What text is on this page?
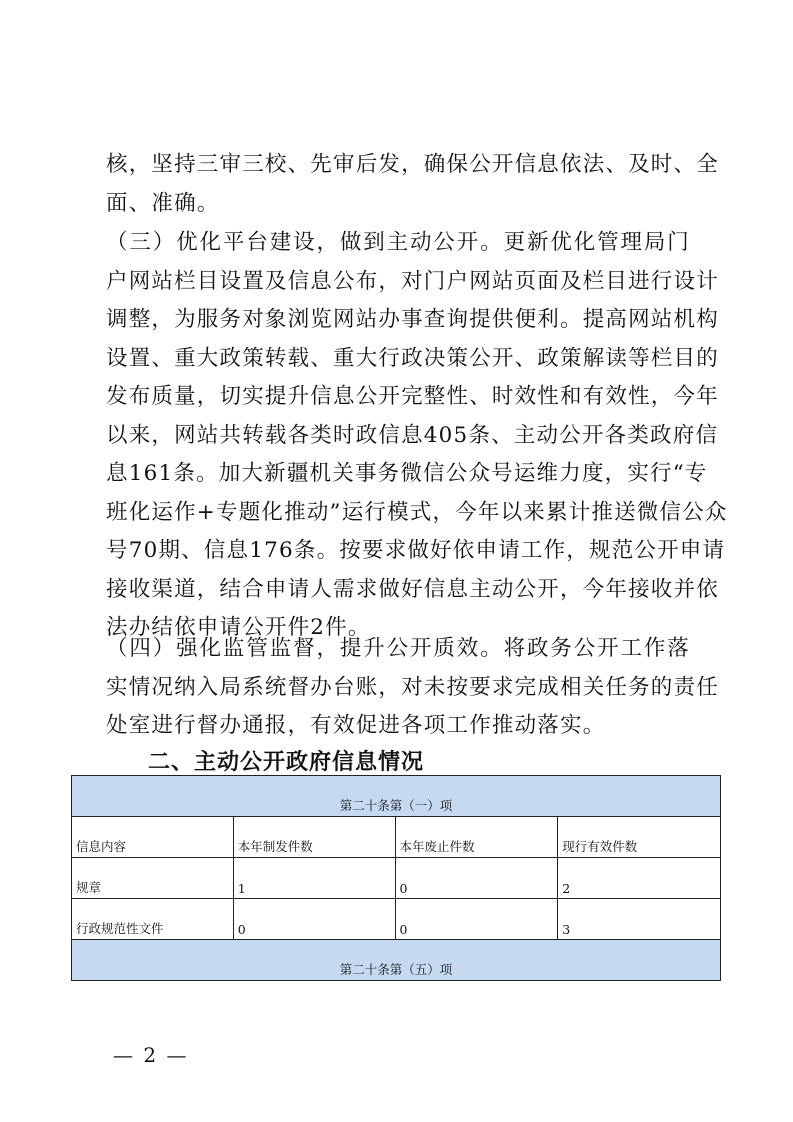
核，坚持三审三校、先审后发，确保公开信息依法、及时、全
面、准确。
（三）优化平台建设，做到主动公开。更新优化管理局门
户网站栏目设置及信息公布，对门户网站页面及栏目进行设计
调整，为服务对象浏览网站办事查询提供便利。提高网站机构
设置、重大政策转载、重大行政决策公开、政策解读等栏目的
发布质量，切实提升信息公开完整性、时效性和有效性，今年
以来，网站共转载各类时政信息405条、主动公开各类政府信
息161条。加大新疆机关事务微信公众号运维力度，实行“专
班化运作+专题化推动”运行模式，今年以来累计推送微信公众
号70期、信息176条。按要求做好依申请工作，规范公开申请
接收渠道，结合申请人需求做好信息主动公开，今年接收并依
法办结依申请公开件2件。
（四）强化监管监督，提升公开质效。将政务公开工作落
实情况纳入局系统督办台账，对未按要求完成相关任务的责任
处室进行督办通报，有效促进各项工作推动落实。
二、主动公开政府信息情况
第二十条第（一）项			
信息内容	本年制发件数	本年废止件数	现行有效件数
规章	1	0	2
行政规范性文件	0	0	3
第二十条第（五）项			
— 2 —
